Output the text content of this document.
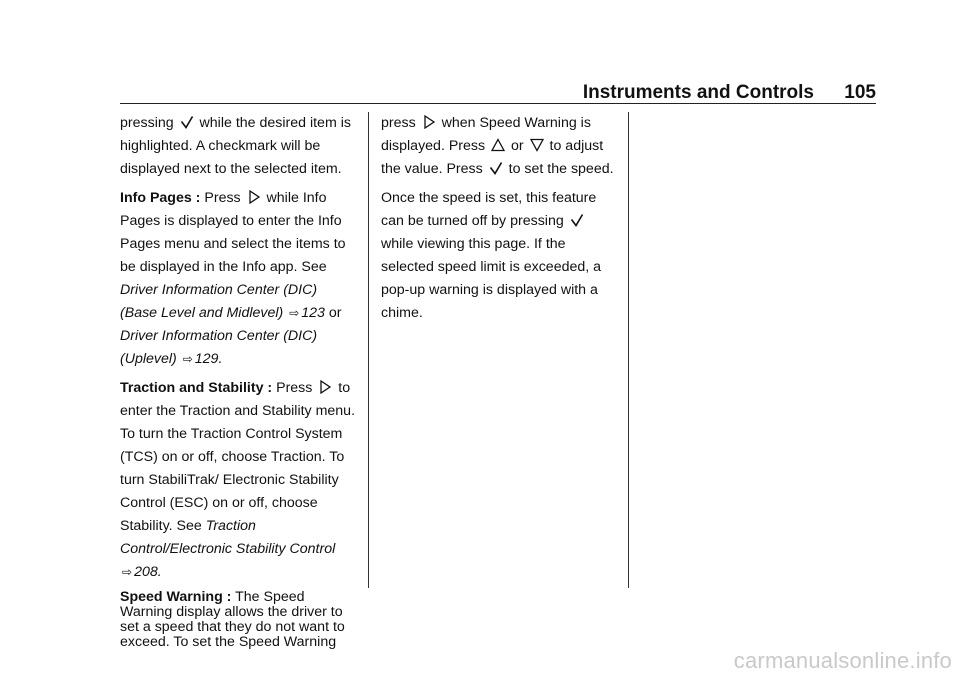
Instruments and Controls 105

pressing while the desired item is highlighted. A checkmark will be displayed next to the selected item.

Info Pages : Press while Info Pages is displayed to enter the Info Pages menu and select the items to be displayed in the Info app. See Driver Information Center (DIC) (Base Level and Midlevel) ⇨ 123 or Driver Information Center (DIC) (Uplevel) ⇨ 129.

Traction and Stability : Press to enter the Traction and Stability menu. To turn the Traction Control System (TCS) on or off, choose Traction. To turn StabiliTrak/ Electronic Stability Control (ESC) on or off, choose Stability. See Traction Control/Electronic Stability Control ⇨ 208.

Speed Warning : The Speed Warning display allows the driver to set a speed that they do not want to exceed. To set the Speed Warning

press when Speed Warning is displayed. Press or to adjust the value. Press to set the speed.

Once the speed is set, this feature can be turned off by pressing
while viewing this page. If the selected speed limit is exceeded, a pop-up warning is displayed with a chime.

carmanualsonline.info
